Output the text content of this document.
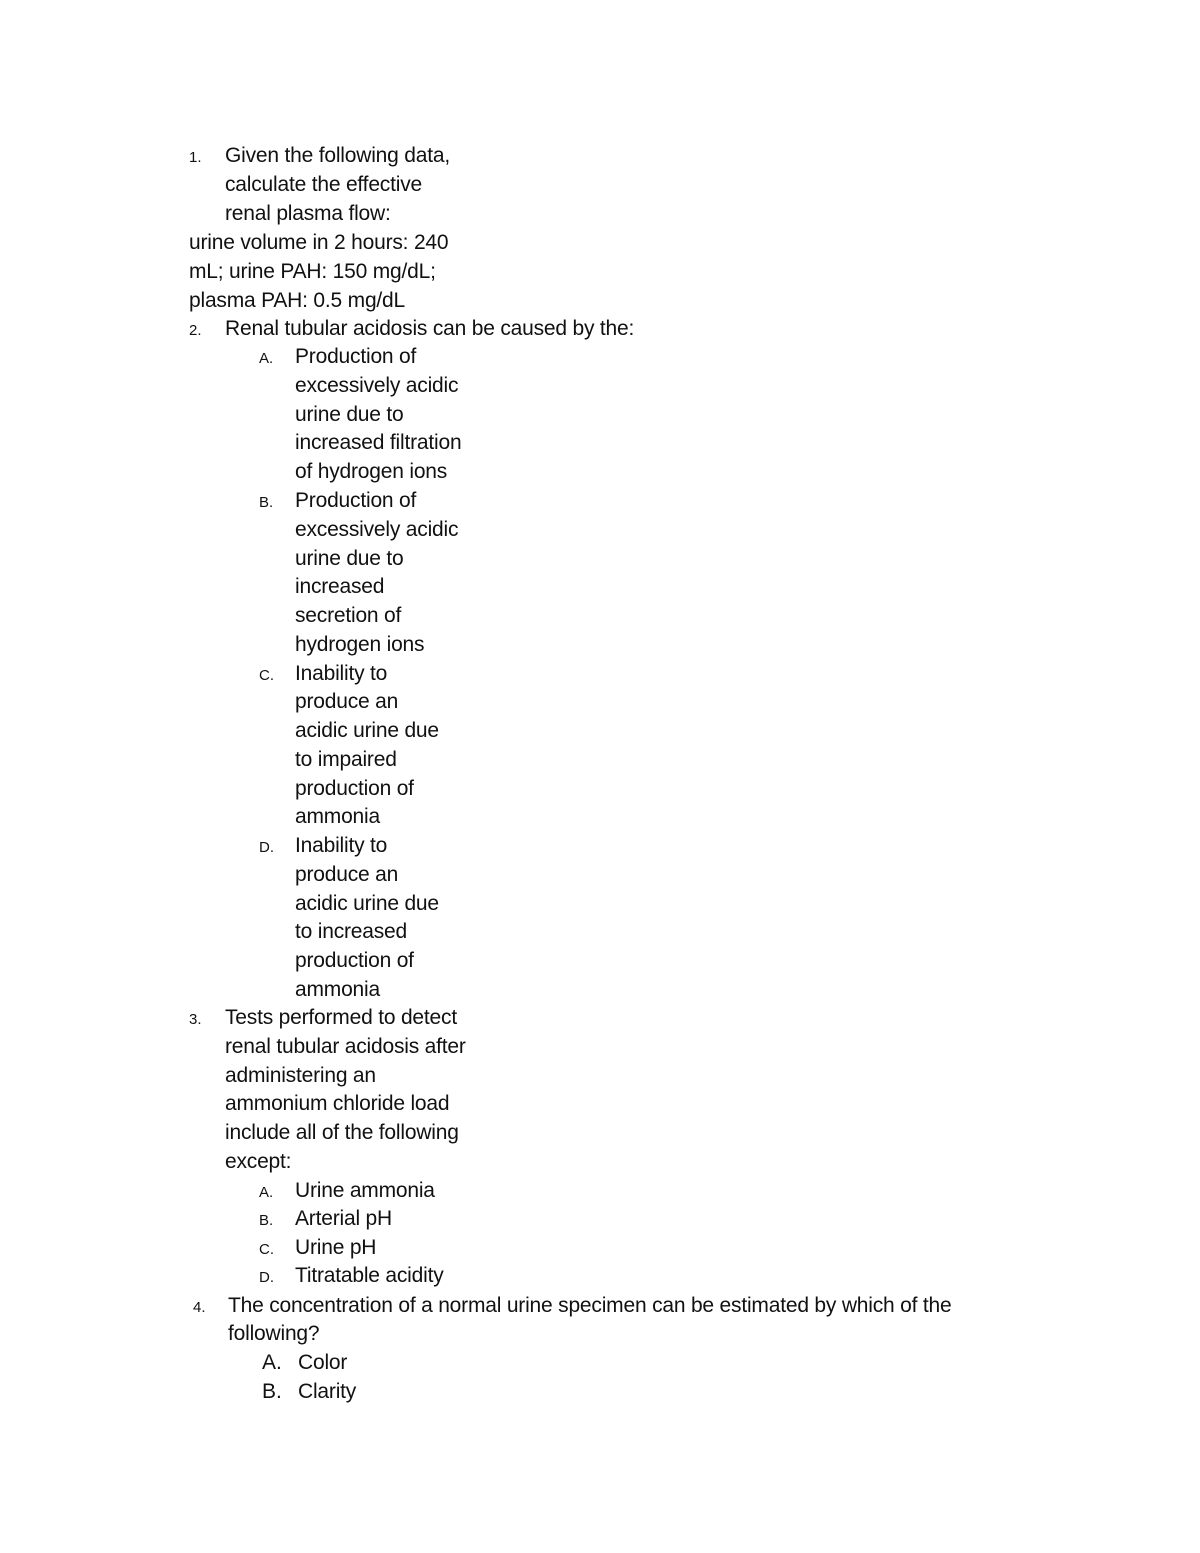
1. Given the following data,
calculate the effective
renal plasma flow:
urine volume in 2 hours: 240
mL; urine PAH: 150 mg/dL;
plasma PAH: 0.5 mg/dL
2. Renal tubular acidosis can be caused by the:
A. Production of
excessively acidic
urine due to
increased filtration
of hydrogen ions
B. Production of
excessively acidic
urine due to
increased
secretion of
hydrogen ions
C. Inability to
produce an
acidic urine due
to impaired
production of
ammonia
D. Inability to
produce an
acidic urine due
to increased
production of
ammonia
3. Tests performed to detect
renal tubular acidosis after
administering an
ammonium chloride load
include all of the following
except:
A. Urine ammonia
B. Arterial pH
C. Urine pH
D. Titratable acidity
4. The concentration of a normal urine specimen can be estimated by which of the
following?
A. Color
B. Clarity
